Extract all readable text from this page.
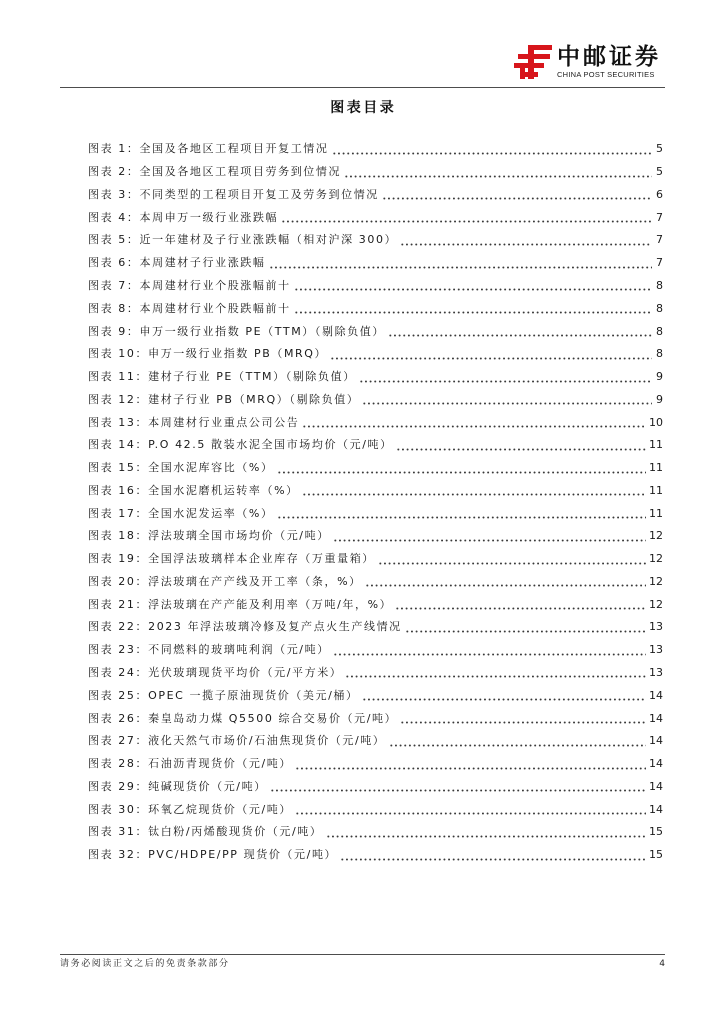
中邮证券
CHINA POST SECURITIES
图表目录
图表 1：全国及各地区工程项目开复工情况	5
图表 2：全国及各地区工程项目劳务到位情况	5
图表 3：不同类型的工程项目开复工及劳务到位情况	6
图表 4：本周申万一级行业涨跌幅	7
图表 5：近一年建材及子行业涨跌幅（相对沪深 300）	7
图表 6：本周建材子行业涨跌幅	7
图表 7：本周建材行业个股涨幅前十	8
图表 8：本周建材行业个股跌幅前十	8
图表 9：申万一级行业指数 PE（TTM）（剔除负值）	8
图表 10：申万一级行业指数 PB（MRQ）	8
图表 11：建材子行业 PE（TTM）（剔除负值）	9
图表 12：建材子行业 PB（MRQ）（剔除负值）	9
图表 13：本周建材行业重点公司公告	10
图表 14：P.O 42.5 散装水泥全国市场均价（元/吨）	11
图表 15：全国水泥库容比（%）	11
图表 16：全国水泥磨机运转率（%）	11
图表 17：全国水泥发运率（%）	11
图表 18：浮法玻璃全国市场均价（元/吨）	12
图表 19：全国浮法玻璃样本企业库存（万重量箱）	12
图表 20：浮法玻璃在产产线及开工率（条，%）	12
图表 21：浮法玻璃在产产能及利用率（万吨/年，%）	12
图表 22：2023 年浮法玻璃冷修及复产点火生产线情况	13
图表 23：不同燃料的玻璃吨利润（元/吨）	13
图表 24：光伏玻璃现货平均价（元/平方米）	13
图表 25：OPEC 一揽子原油现货价（美元/桶）	14
图表 26：秦皇岛动力煤 Q5500 综合交易价（元/吨）	14
图表 27：液化天然气市场价/石油焦现货价（元/吨）	14
图表 28：石油沥青现货价（元/吨）	14
图表 29：纯碱现货价（元/吨）	14
图表 30：环氧乙烷现货价（元/吨）	14
图表 31：钛白粉/丙烯酸现货价（元/吨）	15
图表 32：PVC/HDPE/PP 现货价（元/吨）	15
请务必阅读正文之后的免责条款部分	4
